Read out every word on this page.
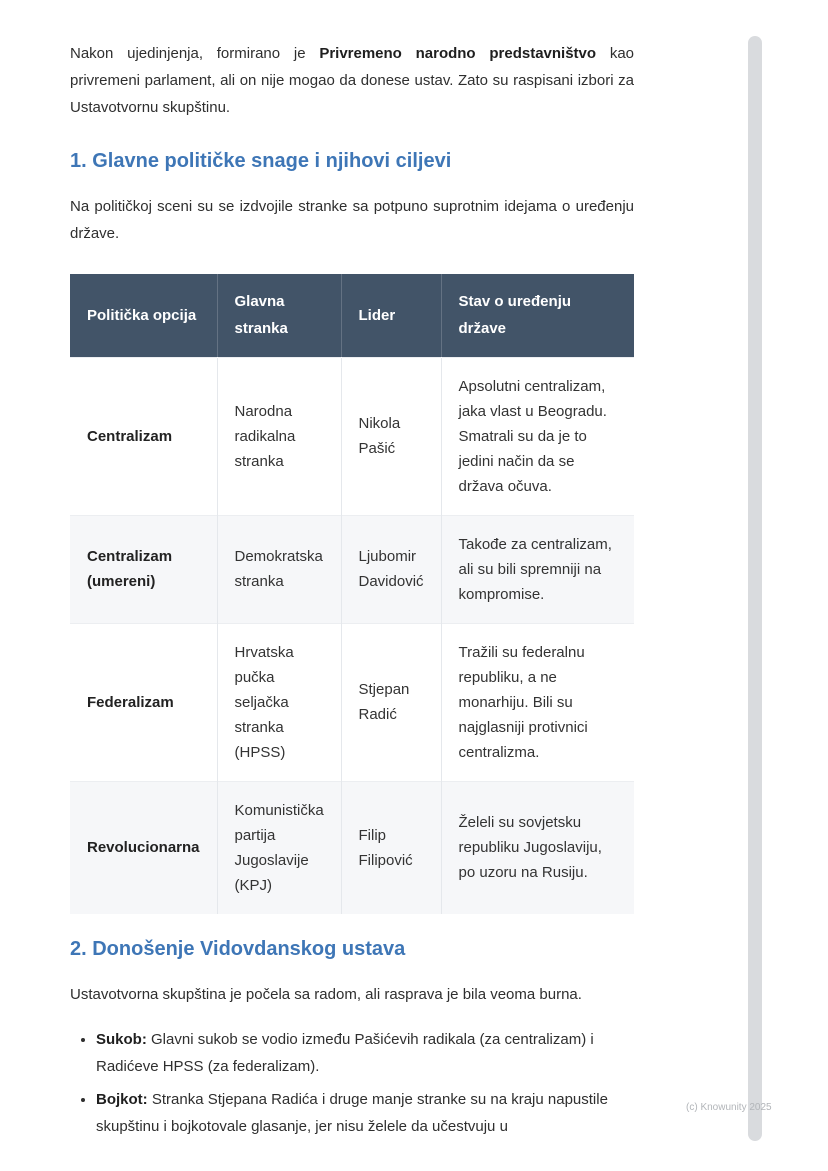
Nakon ujedinjenja, formirano je Privremeno narodno predstavništvo kao privremeni parlament, ali on nije mogao da donese ustav. Zato su raspisani izbori za Ustavotvornu skupštinu.

1. Glavne političke snage i njihovi ciljevi

Na političkoj sceni su se izdvojile stranke sa potpuno suprotnim idejama o uređenju države.

Politička opcija	Glavna stranka	Lider	Stav o uređenju države
Centralizam	Narodna radikalna stranka	Nikola Pašić	Apsolutni centralizam, jaka vlast u Beogradu. Smatrali su da je to jedini način da se država očuva.
Centralizam (umereni)	Demokratska stranka	Ljubomir Davidović	Takođe za centralizam, ali su bili spremniji na kompromise.
Federalizam	Hrvatska pučka seljačka stranka (HPSS)	Stjepan Radić	Tražili su federalnu republiku, a ne monarhiju. Bili su najglasniji protivnici centralizma.
Revolucionarna	Komunistička partija Jugoslavije (KPJ)	Filip Filipović	Želeli su sovjetsku republiku Jugoslaviju, po uzoru na Rusiju.
2. Donošenje Vidovdanskog ustava

Ustavotvorna skupština je počela sa radom, ali rasprava je bila veoma burna.

• Sukob: Glavni sukob se vodio između Pašićevih radikala (za centralizam) i Radićeve HPSS (za federalizam).
• Bojkot: Stranka Stjepana Radića i druge manje stranke su na kraju napustile skupštinu i bojkotovale glasanje, jer nisu želele da učestvuju u
(c) Knowunity 2025
